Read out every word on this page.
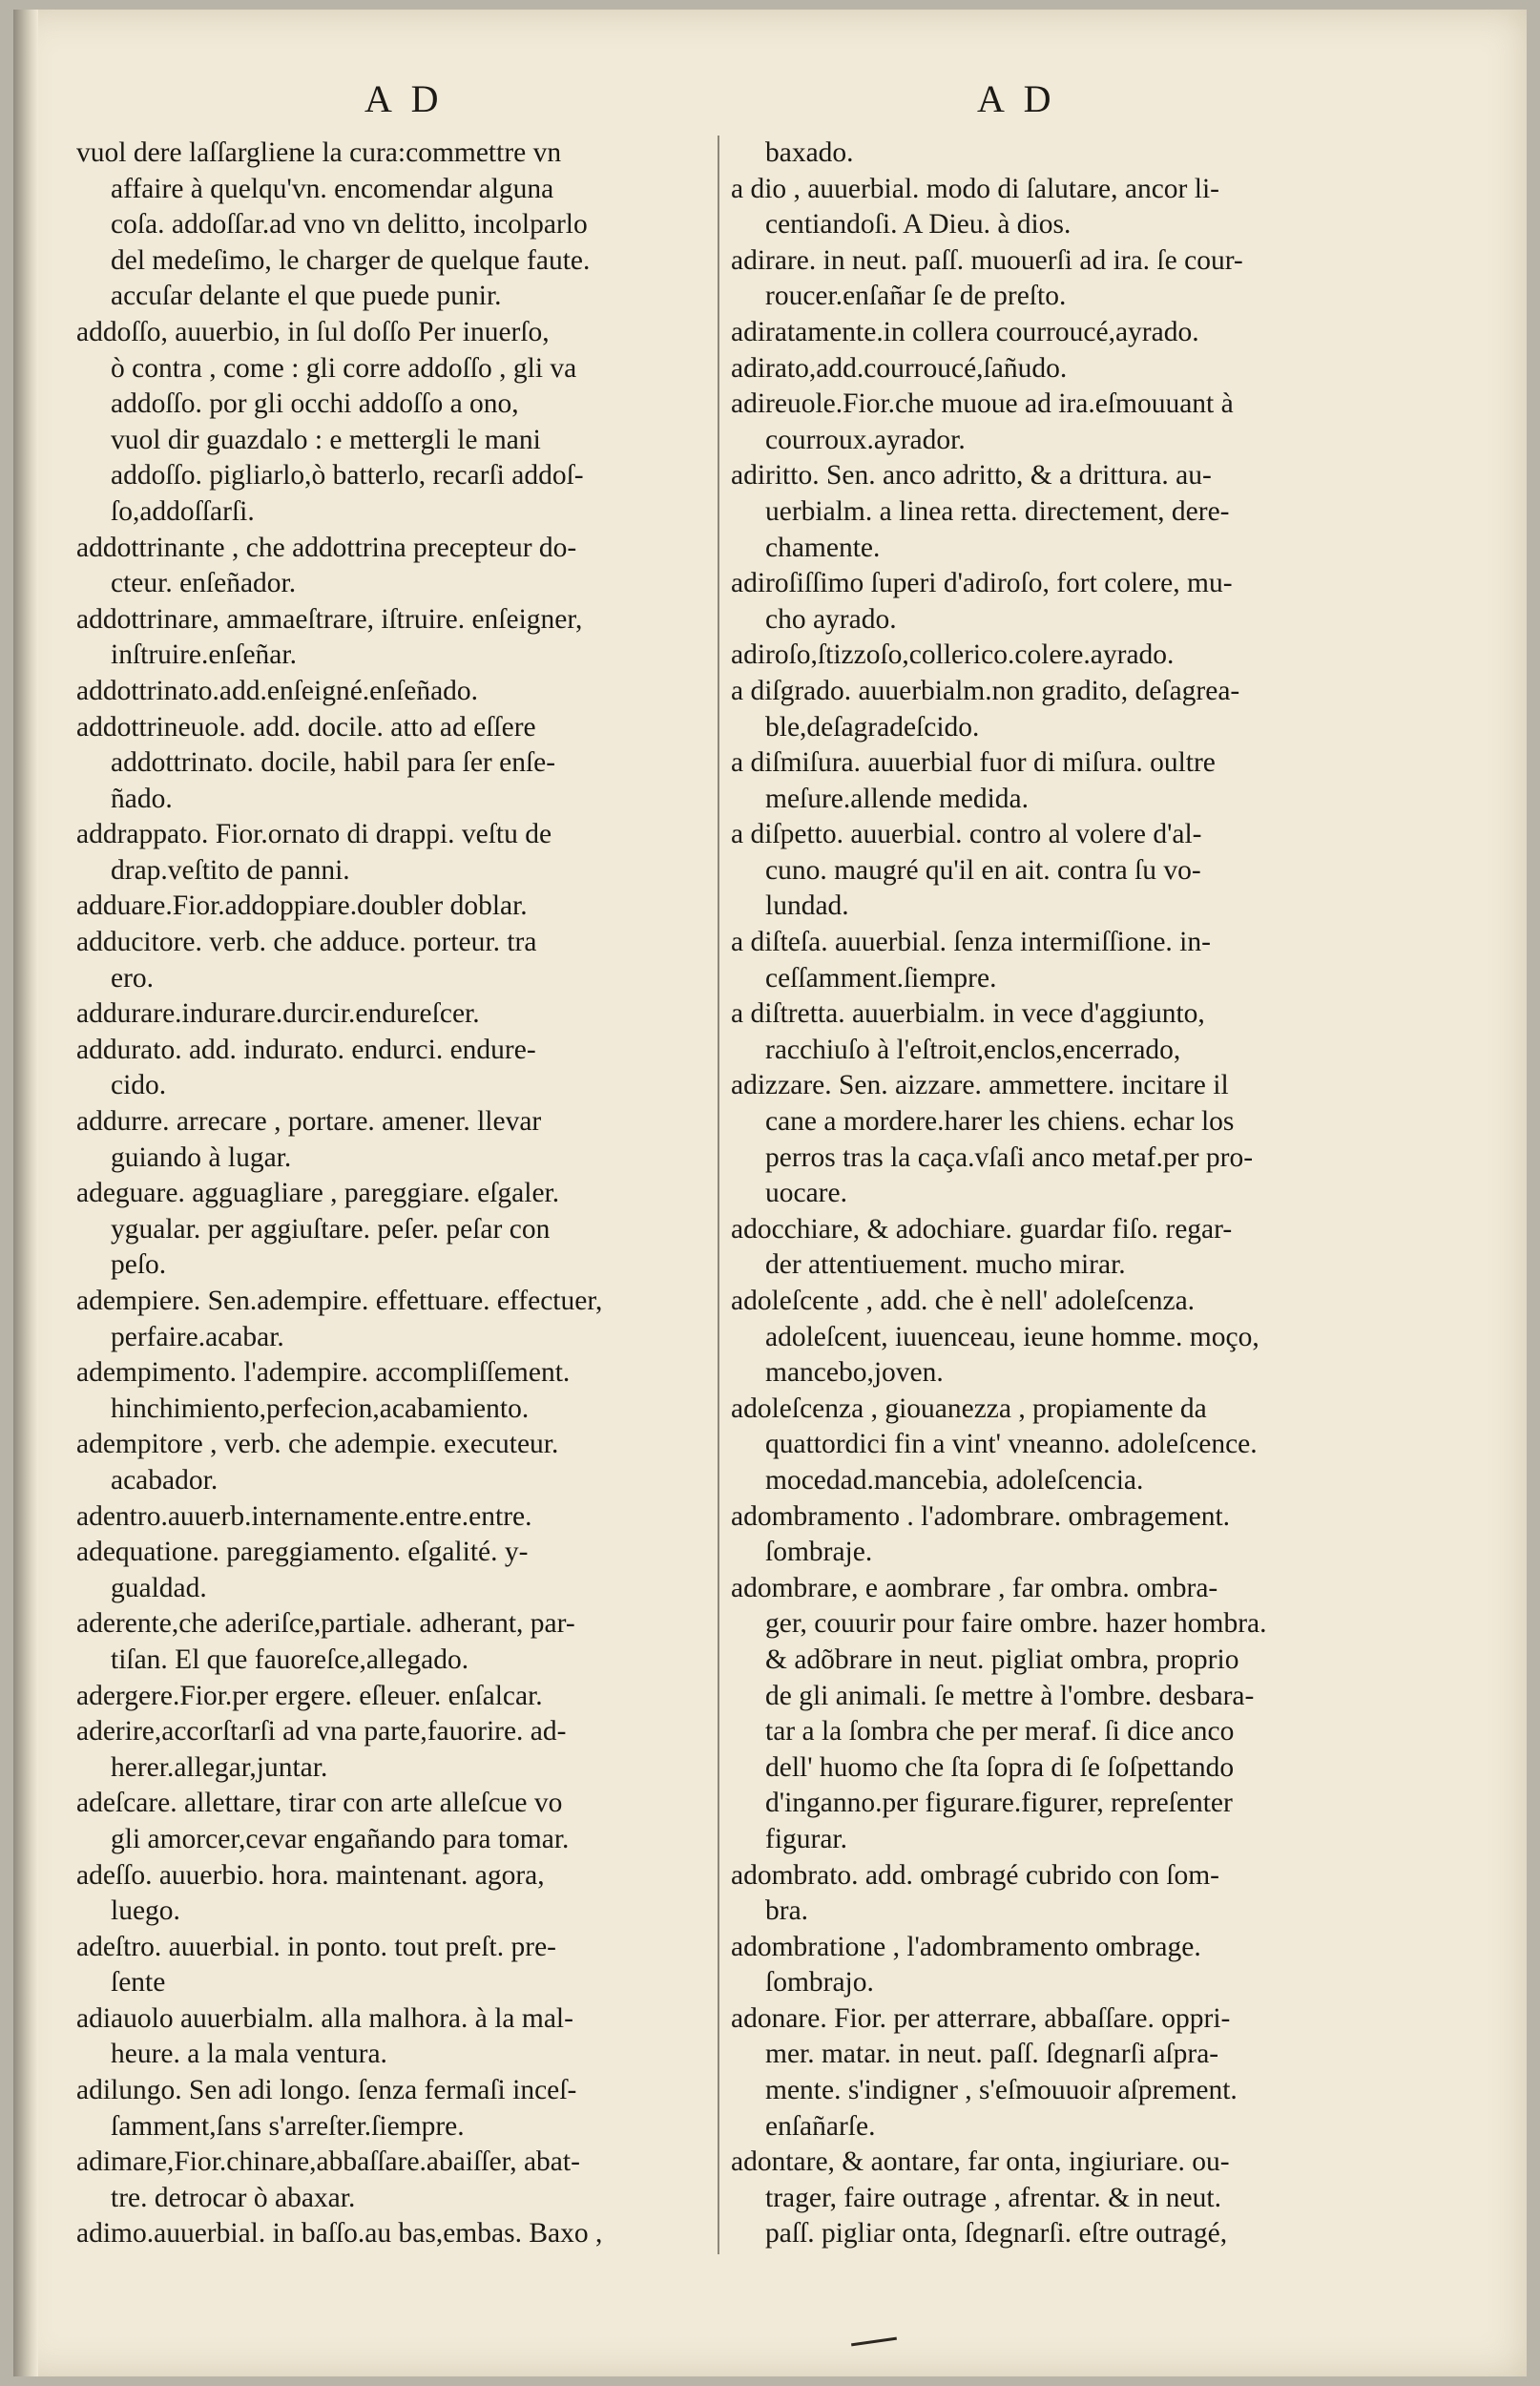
A D	A D
vuol dere laſſargliene la cura:commettre vn
affaire à quelqu'vn. encomendar alguna
coſa. addoſſar.ad vno vn delitto, incolparlo
del medeſimo, le charger de quelque faute.
accuſar delante el que puede punir.
addoſſo, auuerbio, in ſul doſſo Per inuerſo,
ò contra , come : gli corre addoſſo , gli va
addoſſo. por gli occhi addoſſo a ono,
vuol dir guazdalo : e mettergli le mani
addoſſo. pigliarlo,ò batterlo, recarſi addoſ-
ſo,addoſſarſi.
addottrinante , che addottrina precepteur do-
cteur. enſeñador.
addottrinare, ammaeſtrare, iſtruire. enſeigner,
inſtruire.enſeñar.
addottrinato.add.enſeigné.enſeñado.
addottrineuole. add. docile. atto ad eſſere
addottrinato. docile, habil para ſer enſe-
ñado.
addrappato. Fior.ornato di drappi. veſtu de
drap.veſtito de panni.
adduare.Fior.addoppiare.doubler doblar.
adducitore. verb. che adduce. porteur. tra
ero.
addurare.indurare.durcir.endureſcer.
addurato. add. indurato. endurci. endure-
cido.
addurre. arrecare , portare. amener. llevar
guiando à lugar.
adeguare. agguagliare , pareggiare. eſgaler.
ygualar. per aggiuſtare. peſer. peſar con
peſo.
adempiere. Sen.adempire. effettuare. effectuer,
perfaire.acabar.
adempimento. l'adempire. accompliſſement.
hinchimiento,perfecion,acabamiento.
adempitore , verb. che adempie. executeur.
acabador.
adentro.auuerb.internamente.entre.entre.
adequatione. pareggiamento. eſgalité. y-
gualdad.
aderente,che aderiſce,partiale. adherant, par-
tiſan. El que fauoreſce,allegado.
adergere.Fior.per ergere. eſleuer. enſalcar.
aderire,accorſtarſi ad vna parte,fauorire. ad-
herer.allegar,juntar.
adeſcare. allettare, tirar con arte alleſcue vo
gli amorcer,cevar engañando para tomar.
adeſſo. auuerbio. hora. maintenant. agora,
luego.
adeſtro. auuerbial. in ponto. tout preſt. pre-
ſente
adiauolo auuerbialm. alla malhora. à la mal-
heure. a la mala ventura.
adilungo. Sen adi longo. ſenza fermaſi inceſ-
ſamment,ſans s'arreſter.ſiempre.
adimare,Fior.chinare,abbaſſare.abaiſſer, abat-
tre. detrocar ò abaxar.
adimo.auuerbial. in baſſo.au bas,embas. Baxo ,
baxado.
a dio , auuerbial. modo di ſalutare, ancor li-
centiandoſi. A Dieu. à dios.
adirare. in neut. paſſ. muouerſi ad ira. ſe cour-
roucer.enſañar ſe de preſto.
adiratamente.in collera courroucé,ayrado.
adirato,add.courroucé,ſañudo.
adireuole.Fior.che muoue ad ira.eſmouuant à
courroux.ayrador.
adiritto. Sen. anco adritto, & a drittura. au-
uerbialm. a linea retta. directement, dere-
chamente.
adiroſiſſimo ſuperi d'adiroſo, fort colere, mu-
cho ayrado.
adiroſo,ſtizzoſo,collerico.colere.ayrado.
a diſgrado. auuerbialm.non gradito, deſagrea-
ble,deſagradeſcido.
a diſmiſura. auuerbial fuor di miſura. oultre
meſure.allende medida.
a diſpetto. auuerbial. contro al volere d'al-
cuno. maugré qu'il en ait. contra ſu vo-
lundad.
a diſteſa. auuerbial. ſenza intermiſſione. in-
ceſſamment.ſiempre.
a diſtretta. auuerbialm. in vece d'aggiunto,
racchiuſo à l'eſtroit,enclos,encerrado,
adizzare. Sen. aizzare. ammettere. incitare il
cane a mordere.harer les chiens. echar los
perros tras la caça.vſaſi anco metaf.per pro-
uocare.
adocchiare, & adochiare. guardar fiſo. regar-
der attentiuement. mucho mirar.
adoleſcente , add. che è nell' adoleſcenza.
adoleſcent, iuuenceau, ieune homme. moço,
mancebo,joven.
adoleſcenza , giouanezza , propiamente da
quattordici fin a vint' vneanno. adoleſcence.
mocedad.mancebia, adoleſcencia.
adombramento . l'adombrare. ombragement.
ſombraje.
adombrare, e aombrare , far ombra. ombra-
ger, couurir pour faire ombre. hazer hombra.
& adõbrare in neut. pigliat ombra, proprio
de gli animali. ſe mettre à l'ombre. desbara-
tar a la ſombra che per meraf. ſi dice anco
dell' huomo che ſta ſopra di ſe ſoſpettando
d'inganno.per figurare.figurer, repreſenter
figurar.
adombrato. add. ombragé cubrido con ſom-
bra.
adombratione , l'adombramento ombrage.
ſombrajo.
adonare. Fior. per atterrare, abbaſſare. oppri-
mer. matar. in neut. paſſ. ſdegnarſi aſpra-
mente. s'indigner , s'eſmouuoir aſprement.
enſañarſe.
adontare, & aontare, far onta, ingiuriare. ou-
trager, faire outrage , afrentar. & in neut.
paſſ. pigliar onta, ſdegnarſi. eſtre outragé,
